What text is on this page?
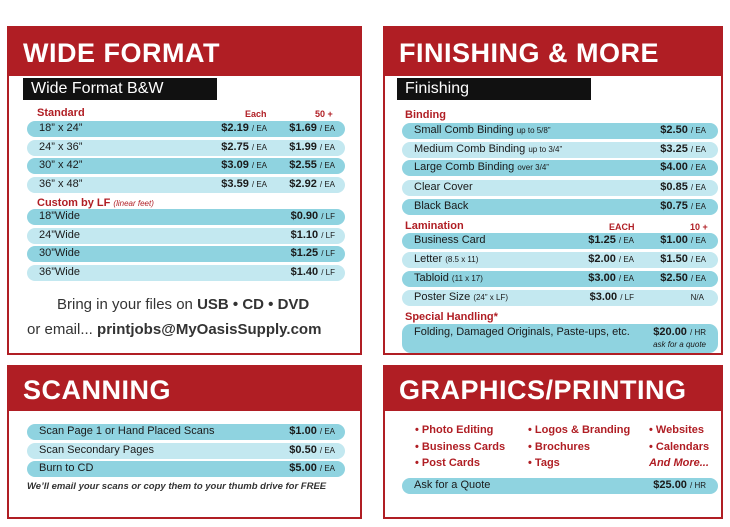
WIDE FORMAT
Wide Format B&W
Standard	Each	50 +
18” x 24”	$2.19 / EA $1.69 / EA
24” x 36”	$2.75 / EA $1.99 / EA
30” x 42”	$3.09 / EA $2.55 / EA
36” x 48”	$3.59 / EA $2.92 / EA
Custom by LF (linear feet)
18”Wide	$0.90 / LF
24”Wide	$1.10 / LF
30”Wide	$1.25 / LF
36”Wide	$1.40 / LF
Bring in your files on USB • CD • DVD
or email... printjobs@MyOasisSupply.com
FINISHING & MORE
Finishing
Binding
Small Comb Binding up to 5/8”	$2.50 / EA
Medium Comb Binding up to 3/4”	$3.25 / EA
Large Comb Binding over 3/4”	$4.00 / EA
Clear Cover	$0.85 / EA
Black Back	$0.75 / EA
Lamination	EACH	10 +
Business Card	$1.25 / EA $1.00 / EA
Letter (8.5 x 11)	$2.00 / EA $1.50 / EA
Tabloid (11 x 17)	$3.00 / EA $2.50 / EA
Poster Size (24” x LF)	$3.00 / LF	N/A
Special Handling*
Folding, Damaged Originals, Paste-ups, etc. $20.00 / HR
ask for a quote
SCANNING
Scan Page 1 or Hand Placed Scans	$1.00 / EA
Scan Secondary Pages	$0.50 / EA
Burn to CD	$5.00 / EA
We’ll email your scans or copy them to your thumb drive for FREE
GRAPHICS/PRINTING
• Photo Editing
• Business Cards
• Post Cards
• Logos & Branding
• Brochures
• Tags
• Websites
• Calendars
And More...
Ask for a Quote	$25.00 / HR
